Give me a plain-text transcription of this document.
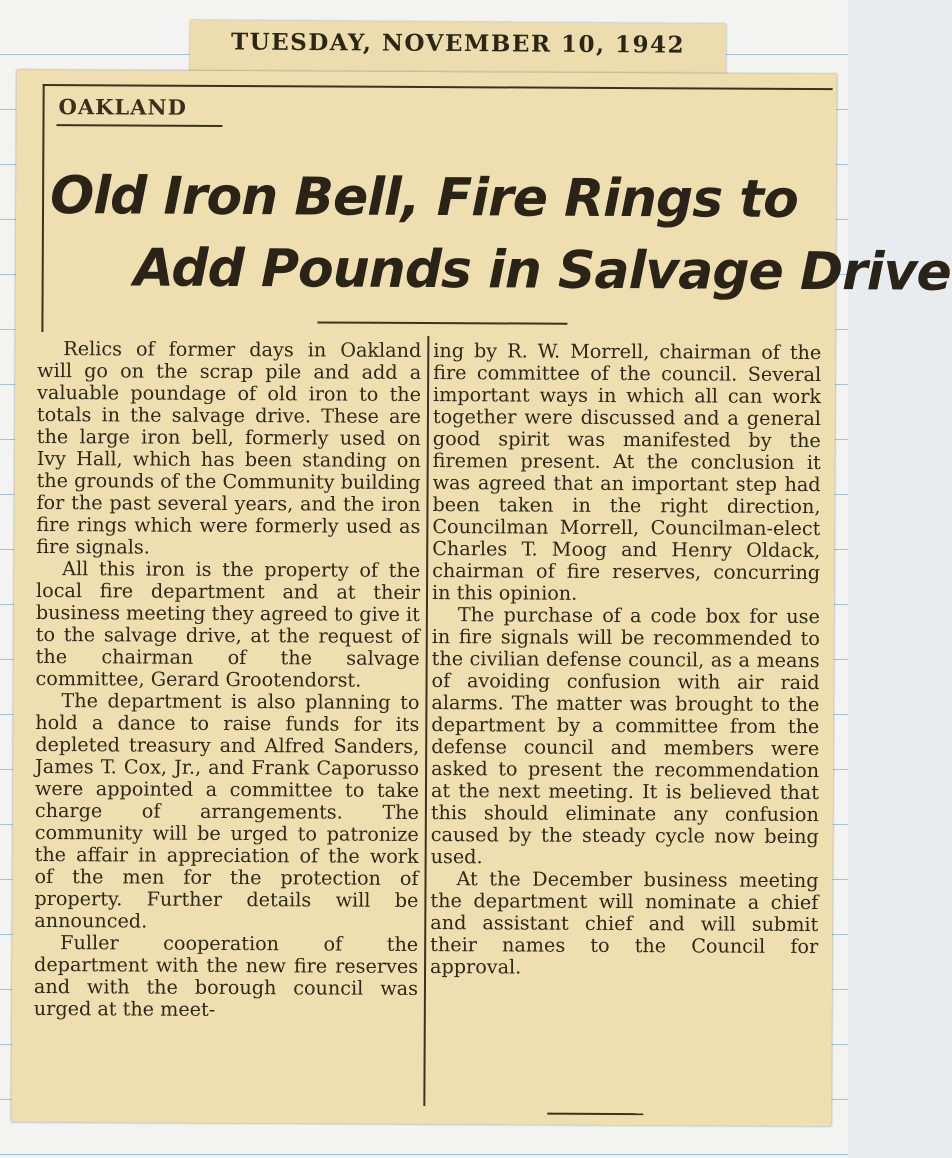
TUESDAY, NOVEMBER 10, 1942
OAKLAND
Old Iron Bell, Fire Rings to
Add Pounds in Salvage Drive

Relics of former days in Oakland will go on the scrap pile and add a valuable poundage of old iron to the totals in the salvage drive. These are the large iron bell, formerly used on Ivy Hall, which has been standing on the grounds of the Community building for the past several years, and the iron fire rings which were formerly used as fire signals.

All this iron is the property of the local fire department and at their business meeting they agreed to give it to the salvage drive, at the request of the chairman of the salvage committee, Gerard Grootendorst.

The department is also planning to hold a dance to raise funds for its depleted treasury and Alfred Sanders, James T. Cox, Jr., and Frank Caporusso were appointed a committee to take charge of arrangements. The community will be urged to patronize the affair in appreciation of the work of the men for the protection of property. Further details will be announced.

Fuller cooperation of the department with the new fire reserves and with the borough council was urged at the meet-

ing by R. W. Morrell, chairman of the fire committee of the council. Several important ways in which all can work together were discussed and a general good spirit was manifested by the firemen present. At the conclusion it was agreed that an important step had been taken in the right direction, Councilman Morrell, Councilman-elect Charles T. Moog and Henry Oldack, chairman of fire reserves, concurring in this opinion.

The purchase of a code box for use in fire signals will be recommended to the civilian defense council, as a means of avoiding confusion with air raid alarms. The matter was brought to the department by a committee from the defense council and members were asked to present the recommendation at the next meeting. It is believed that this should eliminate any confusion caused by the steady cycle now being used.

At the December business meeting the department will nominate a chief and assistant chief and will submit their names to the Council for approval.
